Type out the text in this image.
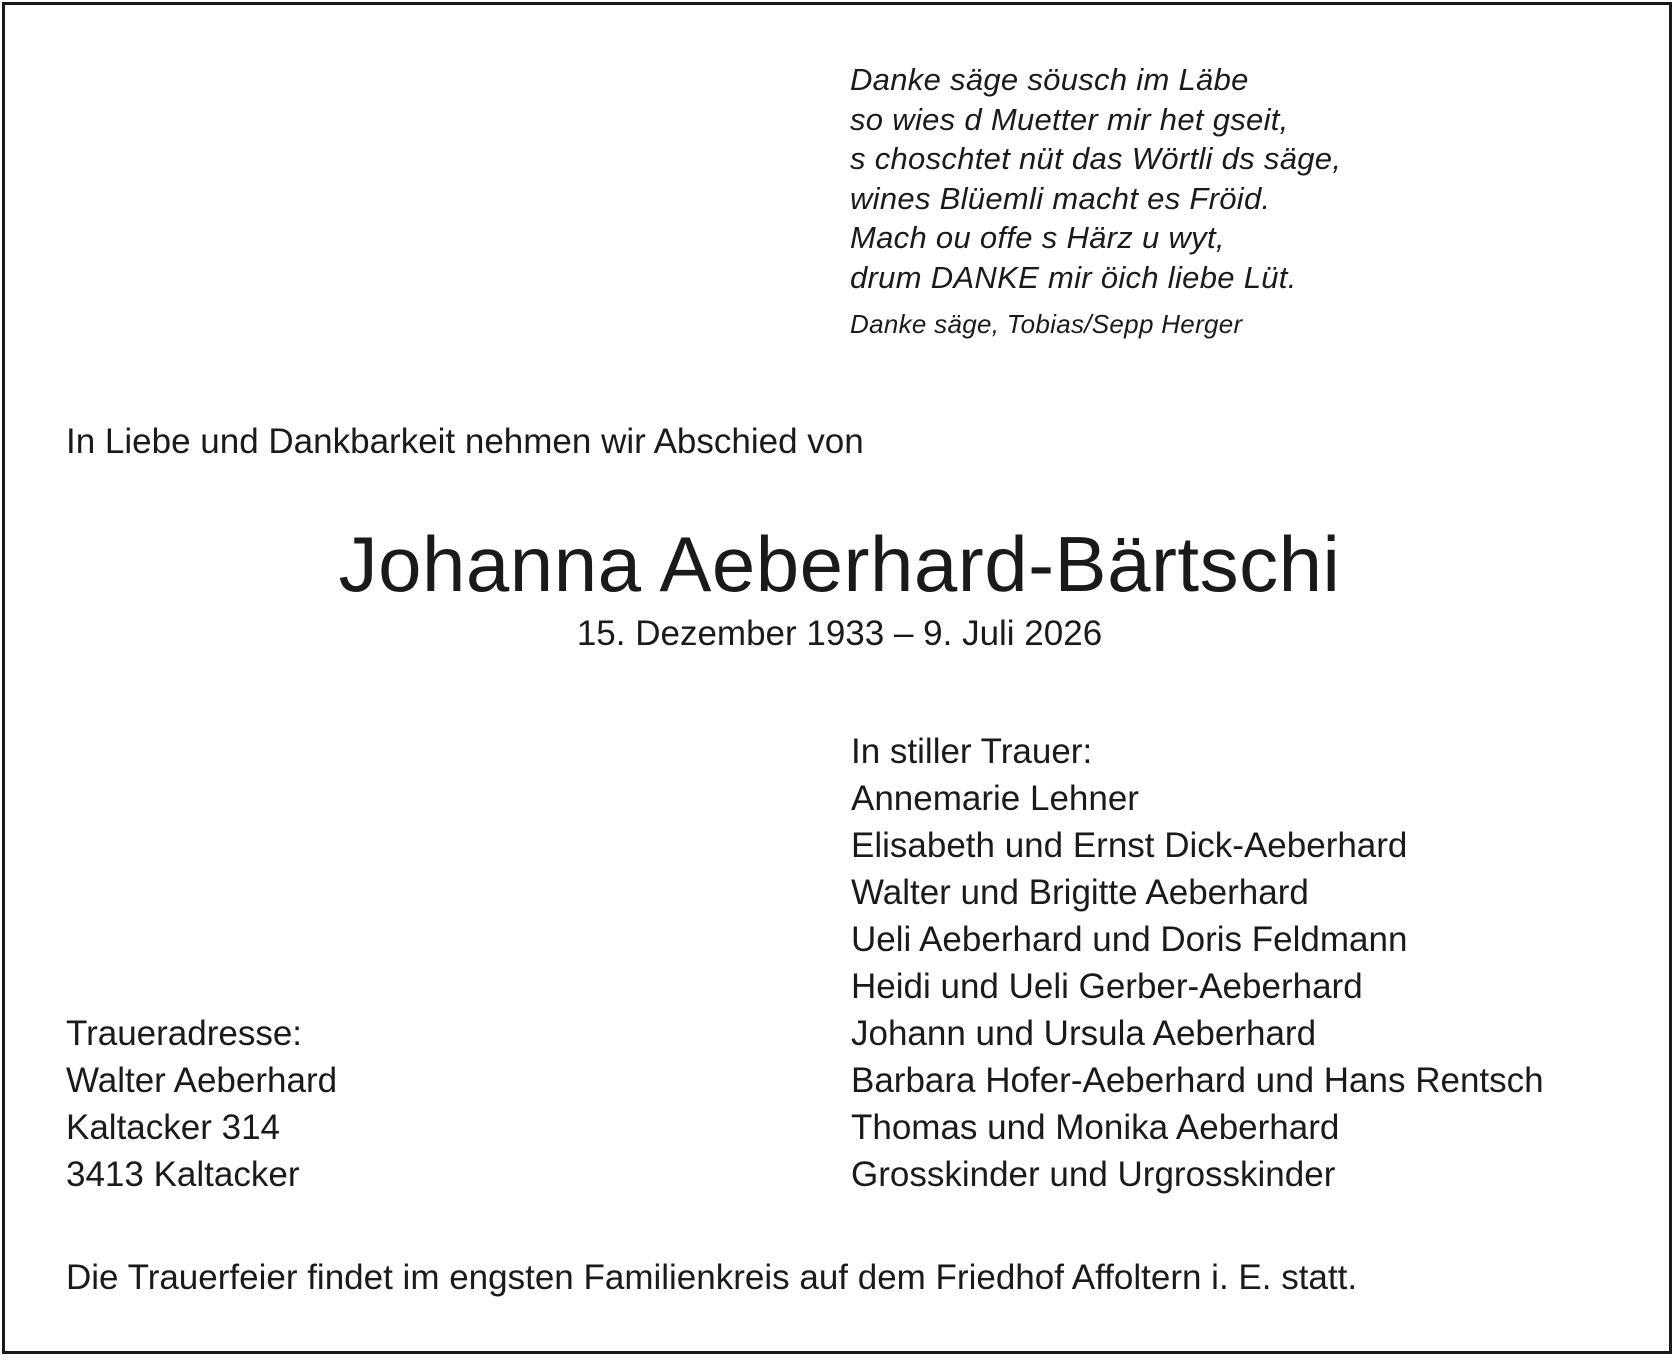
Danke säge söusch im Läbe
so wies d Muetter mir het gseit,
s choschtet nüt das Wörtli ds säge,
wines Blüemli macht es Fröid.
Mach ou offe s Härz u wyt,
drum DANKE mir öich liebe Lüt.
Danke säge, Tobias/Sepp Herger
In Liebe und Dankbarkeit nehmen wir Abschied von
Johanna Aeberhard-Bärtschi
15. Dezember 1933 – 9. Juli 2026
In stiller Trauer:
Annemarie Lehner
Elisabeth und Ernst Dick-Aeberhard
Walter und Brigitte Aeberhard
Ueli Aeberhard und Doris Feldmann
Heidi und Ueli Gerber-Aeberhard
Johann und Ursula Aeberhard
Barbara Hofer-Aeberhard und Hans Rentsch
Thomas und Monika Aeberhard
Grosskinder und Urgrosskinder
Traueradresse:
Walter Aeberhard
Kaltacker 314
3413 Kaltacker
Die Trauerfeier findet im engsten Familienkreis auf dem Friedhof Affoltern i. E. statt.
